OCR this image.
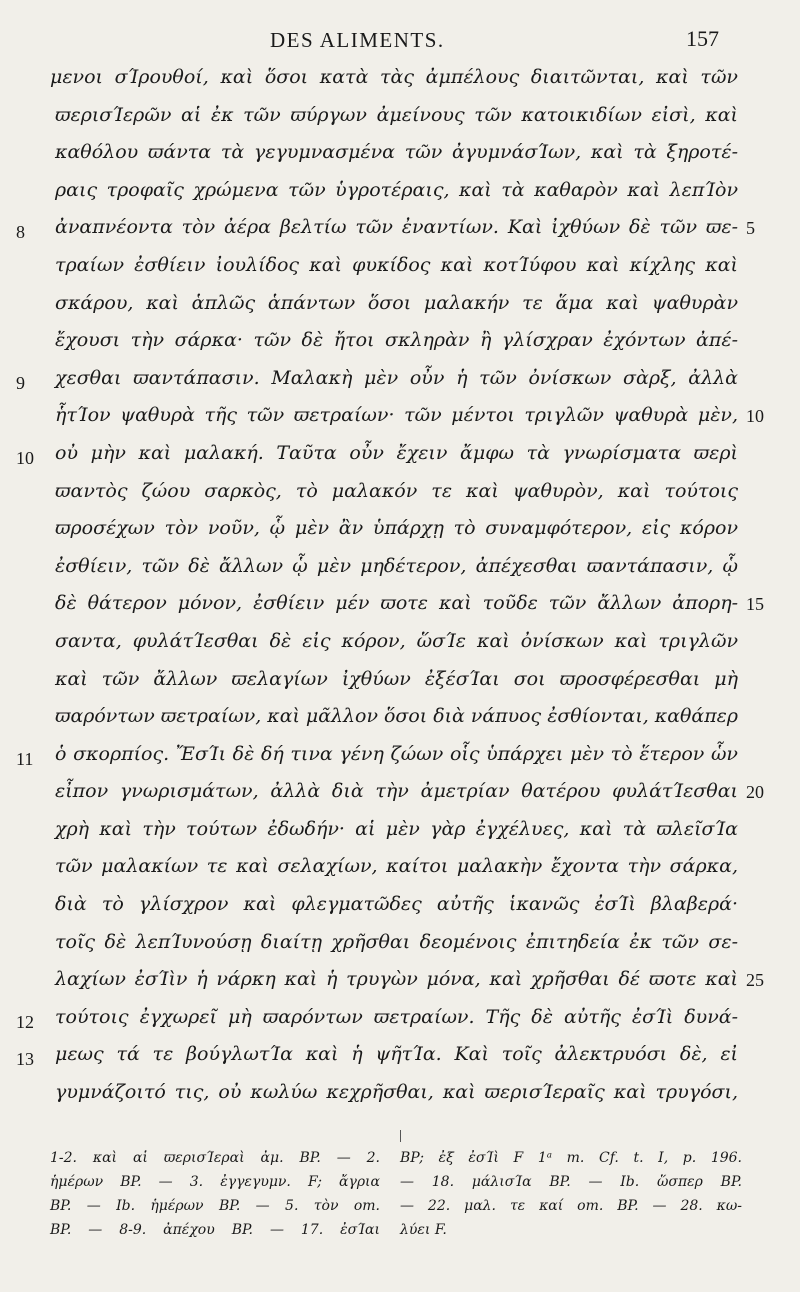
DES ALIMENTS.	157
μενοι σΊρουθοί, καὶ ὅσοι κατὰ τὰς ἀμπέλους διαιτῶνται, καὶ τῶν
ϖερισΊερῶν αἱ ἐκ τῶν ϖύργων ἀμείνους τῶν κατοικιδίων εἰσὶ, καὶ
καθόλου ϖάντα τὰ γεγυμνασμένα τῶν ἀγυμνάσΊων, καὶ τὰ ξηροτέ-
ραις τροφαῖς χρώμενα τῶν ὑγροτέραις, καὶ τὰ καθαρὸν καὶ λεπΊὸν
ἀναπνέοντα τὸν ἀέρα βελτίω τῶν ἐναντίων. Καὶ ἰχθύων δὲ τῶν ϖε-
8	5
τραίων ἐσθίειν ἰουλίδος καὶ φυκίδος καὶ κοτΊύφου καὶ κίχλης καὶ
σκάρου, καὶ ἁπλῶς ἁπάντων ὅσοι μαλακήν τε ἅμα καὶ ψαθυρὰν
ἔχουσι τὴν σάρκα· τῶν δὲ ἤτοι σκληρὰν ἢ γλίσχραν ἐχόντων ἀπέ-
χεσθαι ϖαντάπασιν. Μαλακὴ μὲν οὖν ἡ τῶν ὀνίσκων σὰρξ, ἀλλὰ
9
ἧτΊον ψαθυρὰ τῆς τῶν ϖετραίων· τῶν μέντοι τριγλῶν ψαθυρὰ μὲν, 10
οὐ μὴν καὶ μαλακή. Ταῦτα οὖν ἔχειν ἄμφω τὰ γνωρίσματα ϖερὶ
10
ϖαντὸς ζώου σαρκὸς, τὸ μαλακόν τε καὶ ψαθυρὸν, καὶ τούτοις
ϖροσέχων τὸν νοῦν, ᾧ μὲν ἂν ὑπάρχῃ τὸ συναμφότερον, εἰς κόρον
ἐσθίειν, τῶν δὲ ἄλλων ᾧ μὲν μηδέτερον, ἀπέχεσθαι ϖαντάπασιν, ᾧ
δὲ θάτερον μόνον, ἐσθίειν μέν ϖοτε καὶ τοῦδε τῶν ἄλλων ἀπορη- 15
σαντα, φυλάτΊεσθαι δὲ εἰς κόρον, ὥσΊε καὶ ὀνίσκων καὶ τριγλῶν
καὶ τῶν ἄλλων ϖελαγίων ἰχθύων ἐξέσΊαι σοι ϖροσφέρεσθαι μὴ
ϖαρόντων ϖετραίων, καὶ μᾶλλον ὅσοι διὰ νάπυος ἐσθίονται, καθάπερ
ὁ σκορπίος. ἜσΊι δὲ δή τινα γένη ζώων οἷς ὑπάρχει μὲν τὸ ἕτερον ὧν
11
εἶπον γνωρισμάτων, ἀλλὰ διὰ τὴν ἀμετρίαν θατέρου φυλάτΊεσθαι 20
χρὴ καὶ τὴν τούτων ἐδωδήν· αἱ μὲν γὰρ ἐγχέλυες, καὶ τὰ ϖλεῖσΊα
τῶν μαλακίων τε καὶ σελαχίων, καίτοι μαλακὴν ἔχοντα τὴν σάρκα,
διὰ τὸ γλίσχρον καὶ φλεγματῶδες αὐτῆς ἱκανῶς ἐσΊὶ βλαβερά·
τοῖς δὲ λεπΊυνούσῃ διαίτῃ χρῆσθαι δεομένοις ἐπιτηδεία ἐκ τῶν σε-
λαχίων ἐσΊὶν ἡ νάρκη καὶ ἡ τρυγὼν μόνα, καὶ χρῆσθαι δέ ϖοτε καὶ 25
τούτοις ἐγχωρεῖ μὴ ϖαρόντων ϖετραίων. Τῆς δὲ αὐτῆς ἐσΊὶ δυνά-
12
μεως τά τε βούγλωτΊα καὶ ἡ ψῆτΊα. Καὶ τοῖς ἀλεκτρυόσι δὲ, εἰ
13
γυμνάζοιτό τις, οὐ κωλύω κεχρῆσθαι, καὶ ϖερισΊεραῖς καὶ τρυγόσι,
1-2. καὶ αἱ ϖερισΊεραὶ ἀμ. BP. — 2.
ἡμέρων BP. — 3. ἐγγεγυμν. F; ἄγρια
BP. — Ib. ἡμέρων BP. — 5. τὸν om.
BP. — 8-9. ἀπέχου BP. — 17. ἐσΊαι
BP; ἐξ ἐσΊὶ F 1ᵃ m. Cf. t. I, p. 196.
— 18. μάλισΊα BP. — Ib. ὥσπερ BP.
— 22. μαλ. τε καί om. BP. — 28. κω-
λύει F.
